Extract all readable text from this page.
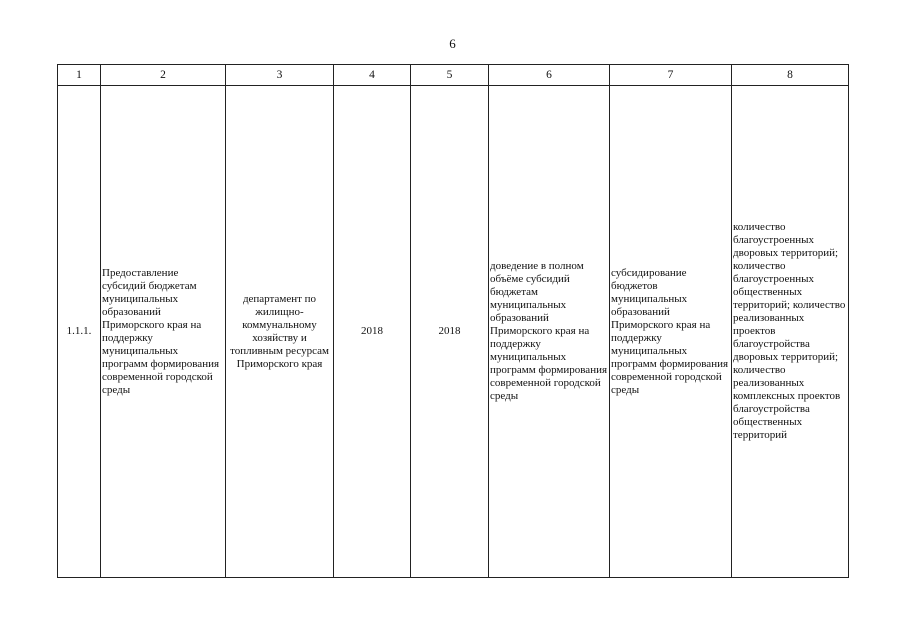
6
1	2	3	4	5	6	7	8
1.1.1.	Предоставление субсидий бюджетам муниципальных образований Приморского края на поддержку муниципальных программ формирования современной городской среды	департамент по жилищно-коммунальному хозяйству и топливным ресурсам Приморского края	2018	2018	доведение в полном объёме субсидий бюджетам муниципальных образований Приморского края на поддержку муниципальных программ формирования современной городской среды	субсидирование бюджетов муниципальных образований Приморского края на поддержку муниципальных программ формирования современной городской среды	количество благоустроенных дворовых территорий; количество благоустроенных общественных территорий; количество реализованных проектов благоустройства дворовых территорий; количество реализованных комплексных проектов благоустройства общественных территорий
